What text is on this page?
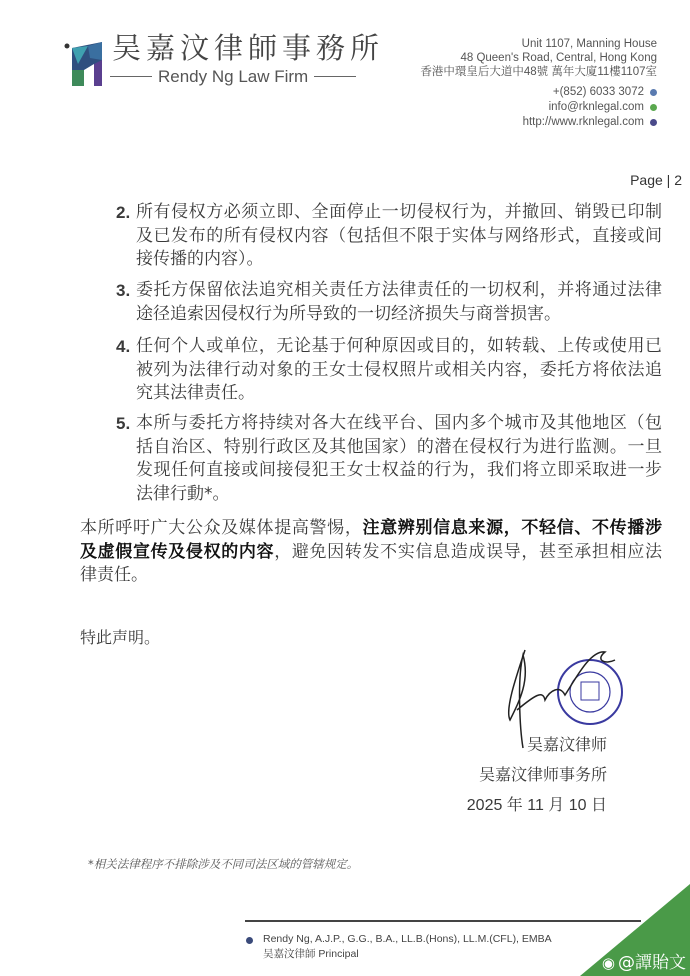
吴嘉汶律師事務所
Rendy Ng Law Firm
Unit 1107, Manning House
48 Queen's Road, Central, Hong Kong
香港中環皇后大道中48號 萬年大廈11樓1107室
+(852) 6033 3072
info@rknlegal.com
http://www.rknlegal.com
Page | 2
2. 所有侵权方必须立即、全面停止一切侵权行为，并撤回、销毁已印制
及已发布的所有侵权内容（包括但不限于实体与网络形式，直接或间
接传播的内容）。
3. 委托方保留依法追究相关责任方法律责任的一切权利，并将通过法律
途径追索因侵权行为所导致的一切经济损失与商誉损害。
4. 任何个人或单位，无论基于何种原因或目的，如转载、上传或使用已
被列为法律行动对象的王女士侵权照片或相关内容，委托方将依法追
究其法律责任。
5. 本所与委托方将持续对各大在线平台、国内多个城市及其他地区（包
括自治区、特别行政区及其他国家）的潜在侵权行为进行监测。一旦
发现任何直接或间接侵犯王女士权益的行为，我们将立即采取进一步
法律行動*。
本所呼吁广大公众及媒体提高警惕，注意辨别信息来源，不轻信、不传播涉
及虚假宣传及侵权的内容，避免因转发不实信息造成误导，甚至承担相应法
律责任。
特此声明。
吴嘉汶律师
吴嘉汶律师事务所
2025 年 11 月 10 日
*相关法律程序不排除涉及不同司法区域的管辖规定。
Rendy Ng, A.J.P., G.G., B.A., LL.B.(Hons), LL.M.(CFL), EMBA
吴嘉汶律師 Principal	◉ @譚貽文
